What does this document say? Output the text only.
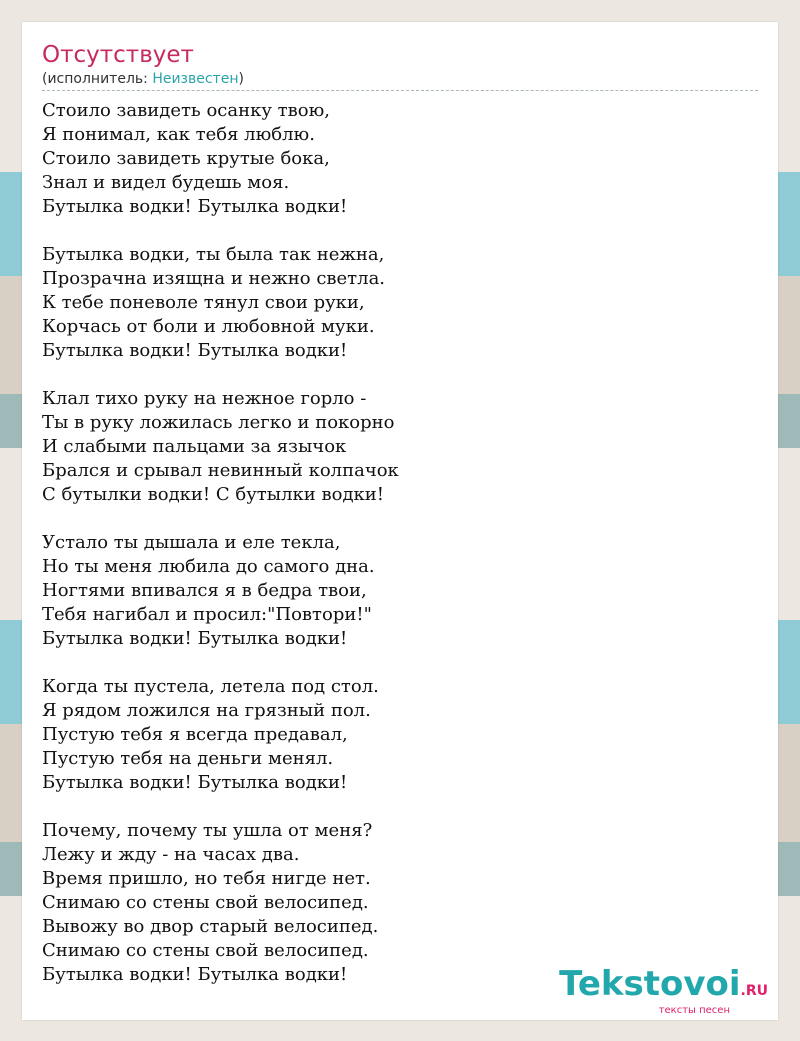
Отсутствует
(исполнитель: Неизвестен)
Стоило завидеть осанку твою,
Я понимал, как тебя люблю.
Стоило завидеть крутые бока,
Знал и видел будешь моя.
Бутылка водки! Бутылка водки!
Бутылка водки, ты была так нежна,
Прозрачна изящна и нежно светла.
К тебе поневоле тянул свои руки,
Корчась от боли и любовной муки.
Бутылка водки! Бутылка водки!
Клал тихо руку на нежное горло -
Ты в руку ложилась легко и покорно
И слабыми пальцами за язычок
Брался и срывал невинный колпачок
С бутылки водки! С бутылки водки!
Устало ты дышала и еле текла,
Но ты меня любила до самого дна.
Ногтями впивался я в бедра твои,
Тебя нагибал и просил:"Повтори!"
Бутылка водки! Бутылка водки!
Когда ты пустела, летела под стол.
Я рядом ложился на грязный пол.
Пустую тебя я всегда предавал,
Пустую тебя на деньги менял.
Бутылка водки! Бутылка водки!
Почему, почему ты ушла от меня?
Лежу и жду - на часах два.
Время пришло, но тебя нигде нет.
Снимаю со стены свой велосипед.
Вывожу во двор старый велосипед.
Снимаю со стены свой велосипед.
Бутылка водки! Бутылка водки!	Tekstovoi.RU
тексты песен
